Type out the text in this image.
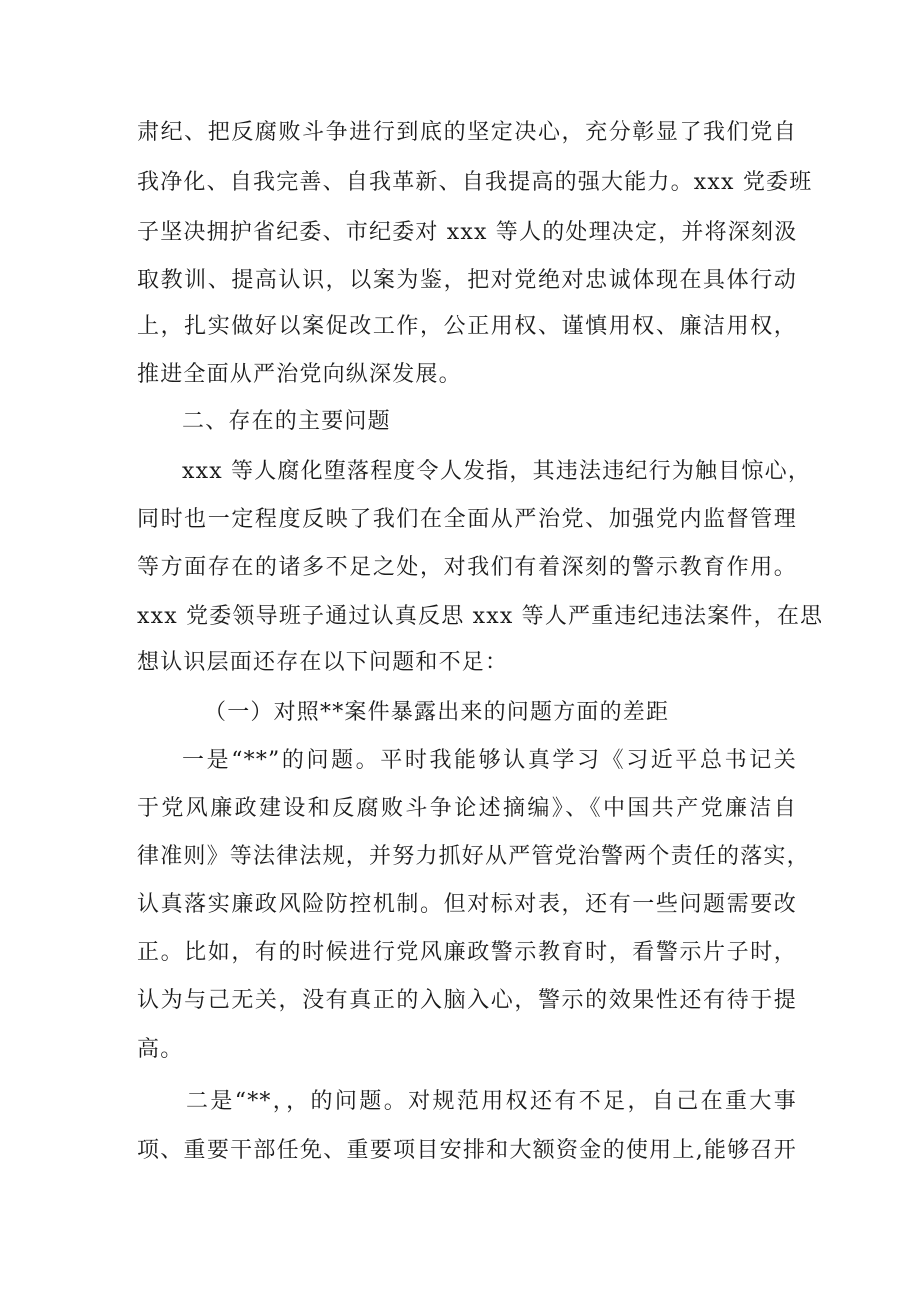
肃纪、把反腐败斗争进行到底的坚定决心，充分彰显了我们党自
我净化、自我完善、自我革新、自我提高的强大能力。xxx 党委班
子坚决拥护省纪委、市纪委对 xxx 等人的处理决定，并将深刻汲
取教训、提高认识，以案为鉴，把对党绝对忠诚体现在具体行动
上，扎实做好以案促改工作，公正用权、谨慎用权、廉洁用权，
推进全面从严治党向纵深发展。
二、存在的主要问题
xxx 等人腐化堕落程度令人发指，其违法违纪行为触目惊心，
同时也一定程度反映了我们在全面从严治党、加强党内监督管理
等方面存在的诸多不足之处，对我们有着深刻的警示教育作用。
xxx 党委领导班子通过认真反思 xxx 等人严重违纪违法案件，在思
想认识层面还存在以下问题和不足：
（一）对照**案件暴露出来的问题方面的差距
一是“**”的问题。平时我能够认真学习《习近平总书记关
于党风廉政建设和反腐败斗争论述摘编》、《中国共产党廉洁自
律准则》等法律法规，并努力抓好从严管党治警两个责任的落实，
认真落实廉政风险防控机制。但对标对表，还有一些问题需要改
正。比如，有的时候进行党风廉政警示教育时，看警示片子时，
认为与己无关，没有真正的入脑入心，警示的效果性还有待于提
高。
二是“**，，的问题。对规范用权还有不足，自己在重大事
项、重要干部任免、重要项目安排和大额资金的使用上,能够召开
